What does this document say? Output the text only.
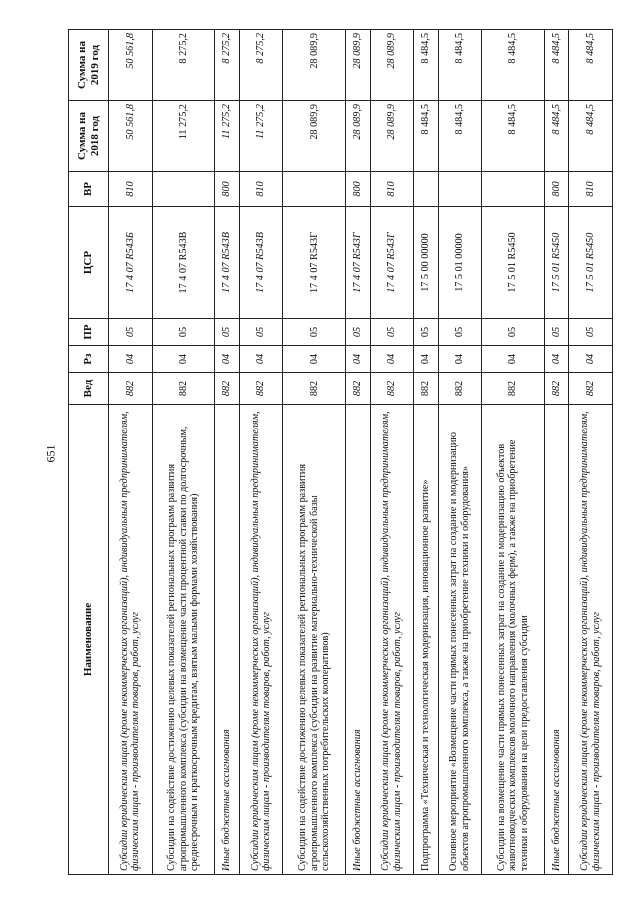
651
Наименование	Вед	Рз	ПР	ЦСР	ВР	Сумма на 2018 год	Сумма на 2019 год
Субсидии юридическим лицам (кроме некоммерческих организаций), индивидуальным предпринимателям, физическим лицам - производителям товаров, работ, услуг	882	04	05	17 4 07 R543Б	810	50 561,8	50 561,8
Субсидии на содействие достижению целевых показателей региональных программ развития агропромышленного комплекса (субсидии на возмещение части процентной ставки по долгосрочным, среднесрочным и краткосрочным кредитам, взятым малыми формами хозяйствования)	882	04	05	17 4 07 R543В		11 275,2	8 275,2
Иные бюджетные ассигнования	882	04	05	17 4 07 R543В	800	11 275,2	8 275,2
Субсидии юридическим лицам (кроме некоммерческих организаций), индивидуальным предпринимателям, физическим лицам - производителям товаров, работ, услуг	882	04	05	17 4 07 R543В	810	11 275,2	8 275,2
Субсидии на содействие достижению целевых показателей региональных программ развития агропромышленного комплекса (субсидии на развитие материально-технической базы сельскохозяйственных потребительских кооперативов)	882	04	05	17 4 07 R543Г		28 089,9	28 089,9
Иные бюджетные ассигнования	882	04	05	17 4 07 R543Г	800	28 089,9	28 089,9
Субсидии юридическим лицам (кроме некоммерческих организаций), индивидуальным предпринимателям, физическим лицам - производителям товаров, работ, услуг	882	04	05	17 4 07 R543Г	810	28 089,9	28 089,9
Подпрограмма «Техническая и технологическая модернизация, инновационное развитие»	882	04	05	17 5 00 00000		8 484,5	8 484,5
Основное мероприятие «Возмещение части прямых понесенных затрат на создание и модернизацию объектов агропромышленного комплекса, а также на приобретение техники и оборудования»	882	04	05	17 5 01 00000		8 484,5	8 484,5
Субсидии на возмещение части прямых понесенных затрат на создание и модернизацию объектов животноводческих комплексов молочного направления (молочных ферм), а также на приобретение техники и оборудования на цели предоставления субсидии	882	04	05	17 5 01 R5450		8 484,5	8 484,5
Иные бюджетные ассигнования	882	04	05	17 5 01 R5450	800	8 484,5	8 484,5
Субсидии юридическим лицам (кроме некоммерческих организаций), индивидуальным предпринимателям, физическим лицам - производителям товаров, работ, услуг	882	04	05	17 5 01 R5450	810	8 484,5	8 484,5
